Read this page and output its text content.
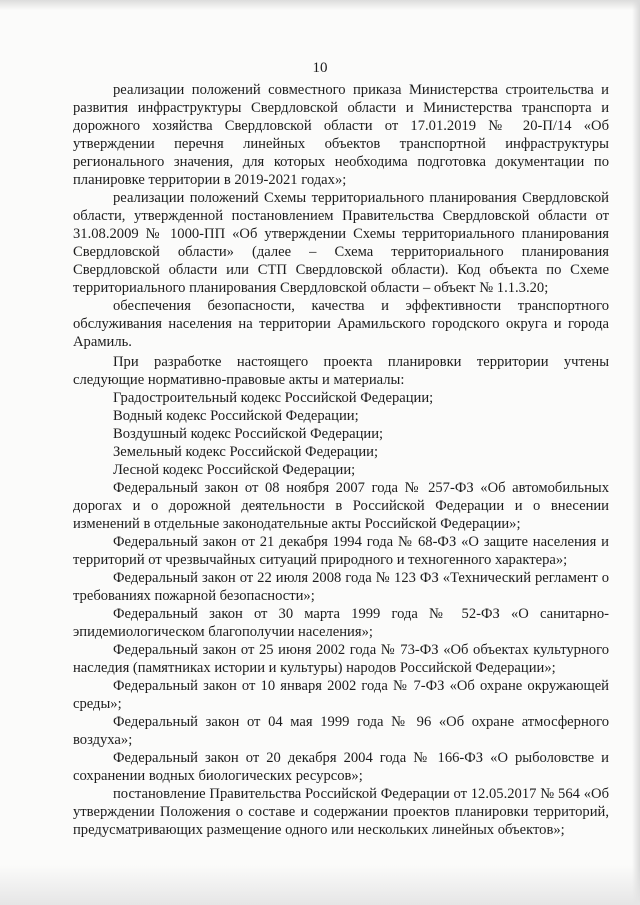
10

реализации положений совместного приказа Министерства строительства и развития инфраструктуры Свердловской области и Министерства транспорта и дорожного хозяйства Свердловской области от 17.01.2019 № 20-П/14 «Об утверждении перечня линейных объектов транспортной инфраструктуры регионального значения, для которых необходима подготовка документации по планировке территории в 2019-2021 годах»;

реализации положений Схемы территориального планирования Свердловской области, утвержденной постановлением Правительства Свердловской области от 31.08.2009 № 1000-ПП «Об утверждении Схемы территориального планирования Свердловской области» (далее – Схема территориального планирования Свердловской области или СТП Свердловской области). Код объекта по Схеме территориального планирования Свердловской области – объект № 1.1.3.20;

обеспечения безопасности, качества и эффективности транспортного обслуживания населения на территории Арамильского городского округа и города Арамиль.

При разработке настоящего проекта планировки территории учтены следующие нормативно-правовые акты и материалы:

Градостроительный кодекс Российской Федерации;

Водный кодекс Российской Федерации;

Воздушный кодекс Российской Федерации;

Земельный кодекс Российской Федерации;

Лесной кодекс Российской Федерации;

Федеральный закон от 08 ноября 2007 года № 257-ФЗ «Об автомобильных дорогах и о дорожной деятельности в Российской Федерации и о внесении изменений в отдельные законодательные акты Российской Федерации»;

Федеральный закон от 21 декабря 1994 года № 68-ФЗ «О защите населения и территорий от чрезвычайных ситуаций природного и техногенного характера»;

Федеральный закон от 22 июля 2008 года № 123 ФЗ «Технический регламент о требованиях пожарной безопасности»;

Федеральный закон от 30 марта 1999 года № 52-ФЗ «О санитарно-эпидемиологическом благополучии населения»;

Федеральный закон от 25 июня 2002 года № 73-ФЗ «Об объектах культурного наследия (памятниках истории и культуры) народов Российской Федерации»;

Федеральный закон от 10 января 2002 года № 7-ФЗ «Об охране окружающей среды»;

Федеральный закон от 04 мая 1999 года № 96 «Об охране атмосферного воздуха»;

Федеральный закон от 20 декабря 2004 года № 166-ФЗ «О рыболовстве и сохранении водных биологических ресурсов»;

постановление Правительства Российской Федерации от 12.05.2017 № 564 «Об утверждении Положения о составе и содержании проектов планировки территорий, предусматривающих размещение одного или нескольких линейных объектов»;
